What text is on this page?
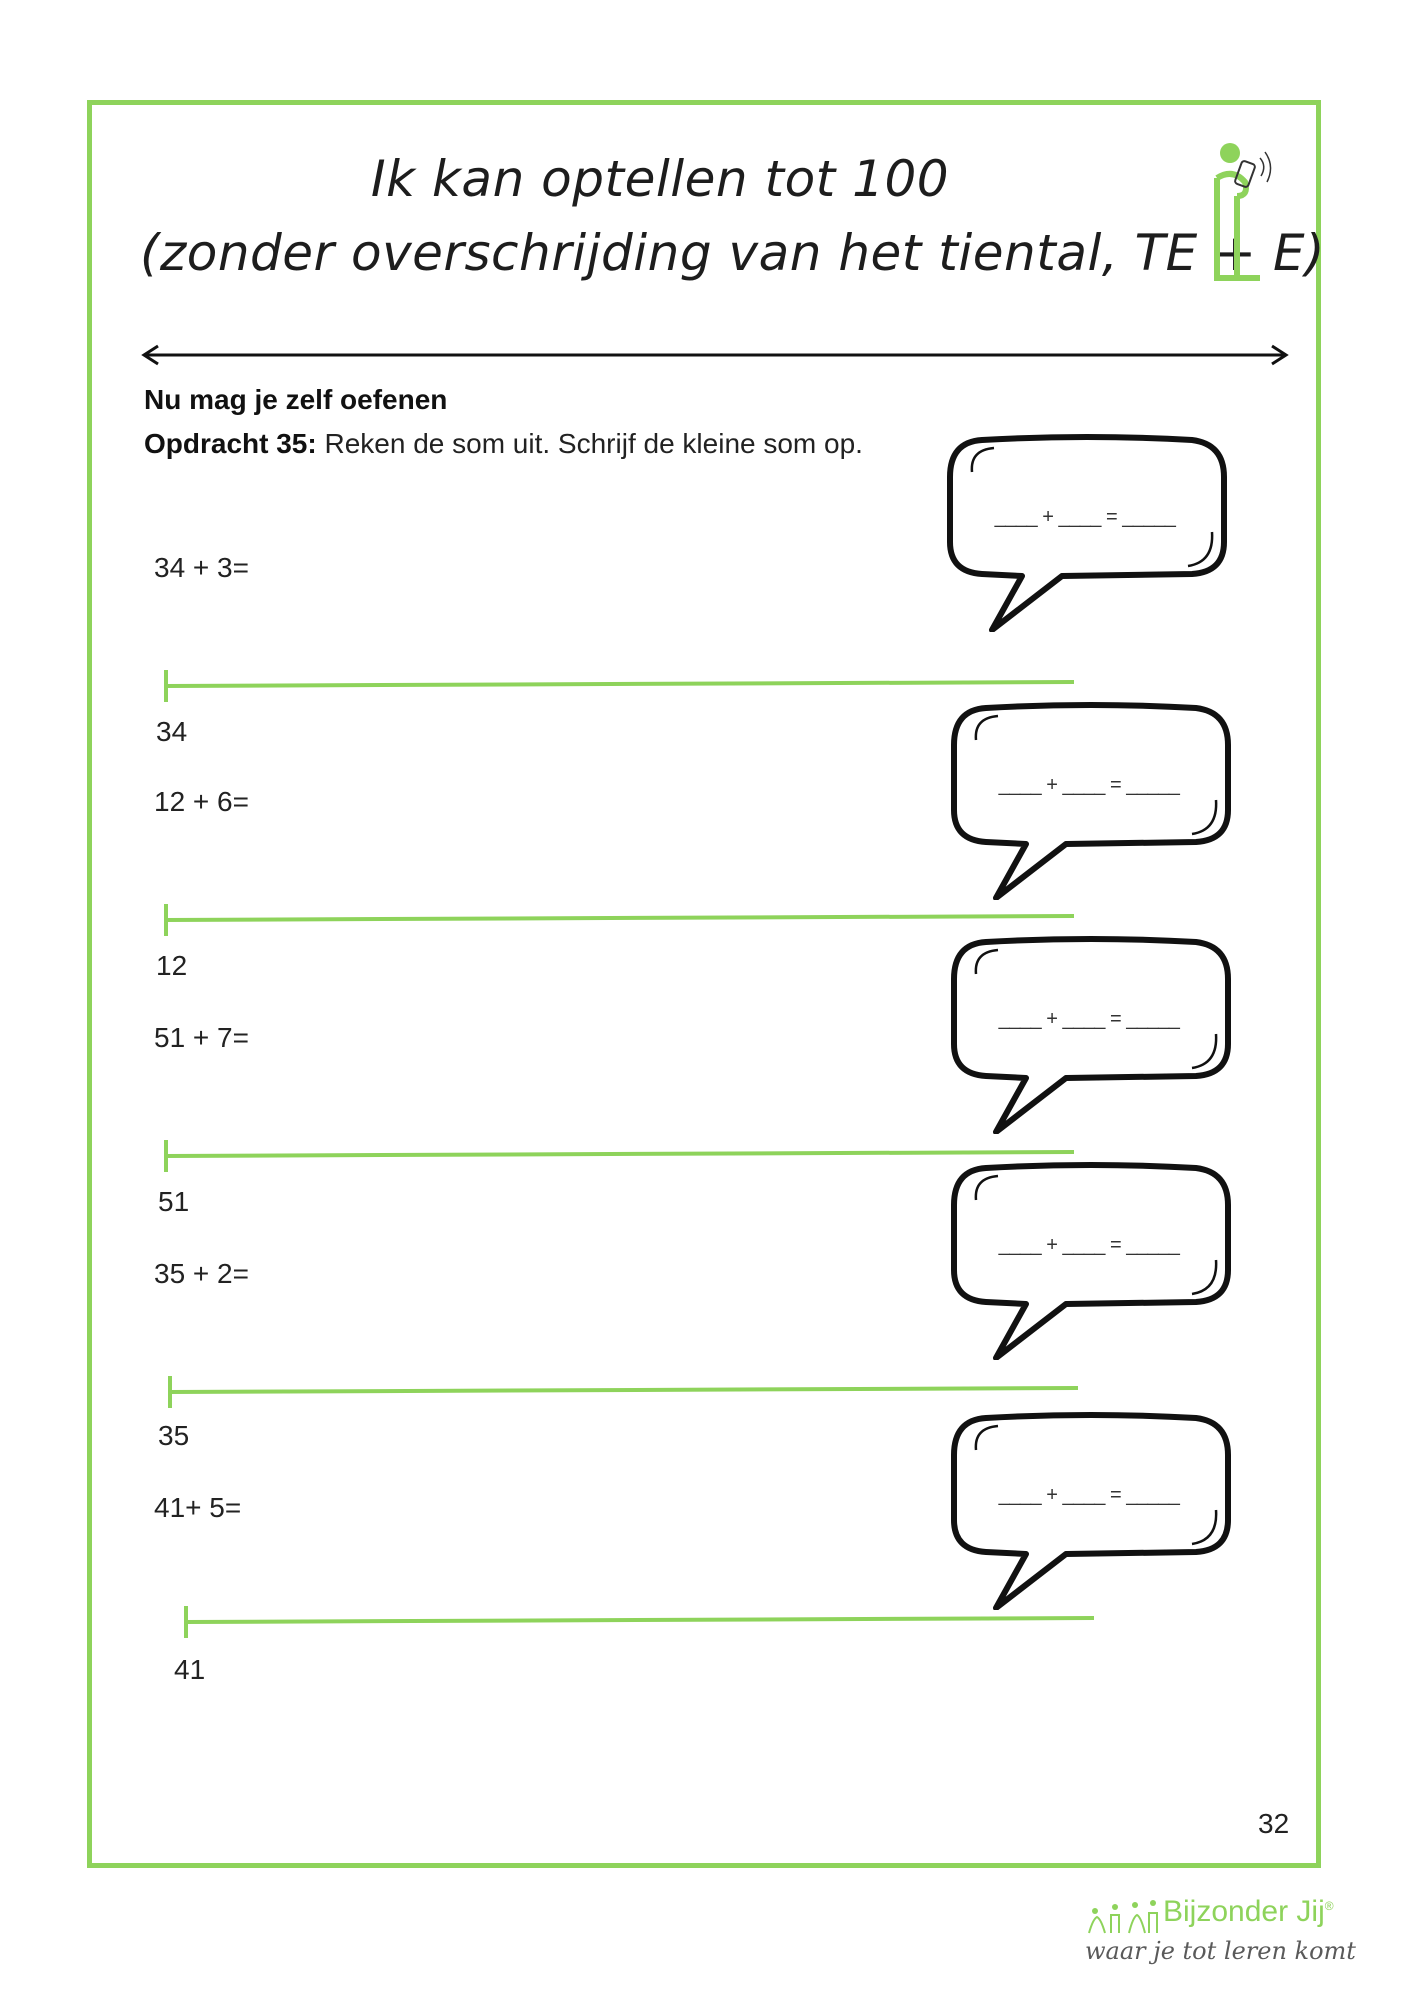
Ik kan optellen tot 100
(zonder overschrijding van het tiental, TE + E)
Nu mag je zelf oefenen
Opdracht 35: Reken de som uit. Schrijf de kleine som op.
34 + 3=
34
____ + ____ = _____
12 + 6=
12
____ + ____ = _____
51 + 7=
51
____ + ____ = _____
35 + 2=
35
____ + ____ = _____
41+ 5=
41
____ + ____ = _____
32
Bijzonder Jij®
waar je tot leren komt
